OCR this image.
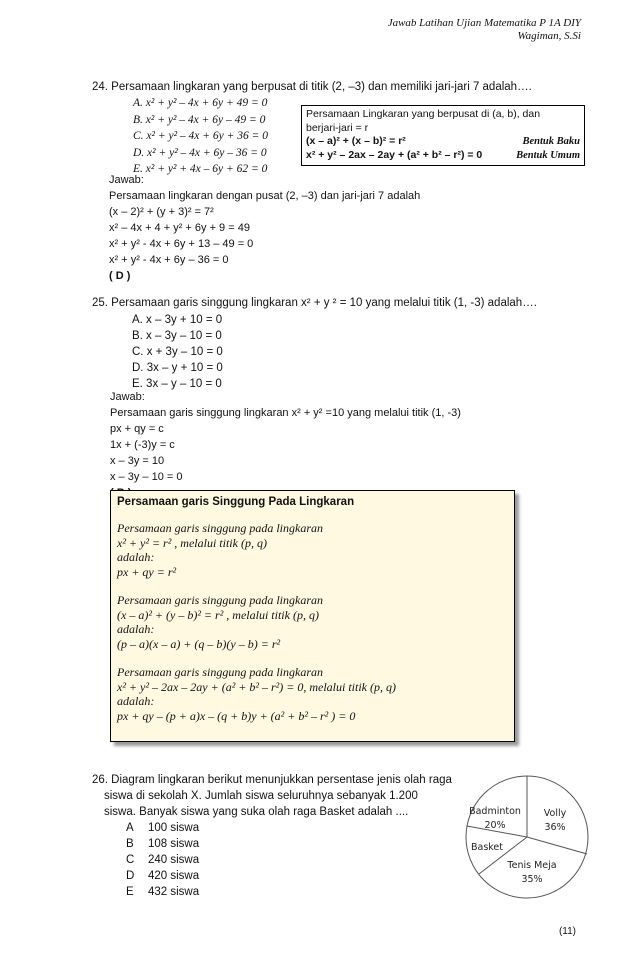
Jawab Latihan Ujian Matematika P 1A DIY
Wagiman, S.Si
24. Persamaan lingkaran yang berpusat di titik (2, –3) dan memiliki jari-jari 7 adalah….
A. x² + y² – 4x + 6y + 49 = 0
B. x² + y² – 4x + 6y – 49 = 0
C. x² + y² – 4x + 6y + 36 = 0
D. x² + y² – 4x + 6y – 36 = 0
E. x² + y² + 4x – 6y + 62 = 0
Persamaan Lingkaran yang berpusat di (a, b), dan
berjari-jari = r
(x – a)² + (x – b)² = r²	Bentuk Baku
x² + y² – 2ax – 2ay + (a² + b² – r²) = 0	Bentuk Umum
Jawab:
Persamaan lingkaran dengan pusat (2, –3) dan jari-jari 7 adalah
(x – 2)² + (y + 3)² = 7²
x² – 4x + 4 + y² + 6y + 9 = 49
x² + y² - 4x + 6y + 13 – 49 = 0
x² + y² - 4x + 6y – 36 = 0
( D )
25. Persamaan garis singgung lingkaran x² + y ² = 10 yang melalui titik (1, -3) adalah….
A. x – 3y + 10 = 0
B. x – 3y – 10 = 0
C. x + 3y – 10 = 0
D. 3x – y + 10 = 0
E. 3x – y – 10 = 0
Jawab:
Persamaan garis singgung lingkaran x² + y² =10 yang melalui titik (1, -3)
px + qy = c
1x + (-3)y = c
x – 3y = 10
x – 3y – 10 = 0
Persamaan garis Singgung Pada Lingkaran
Persamaan garis singgung pada lingkaran
x² + y² = r² , melalui titik (p, q)
adalah:
px + qy = r²
Persamaan garis singgung pada lingkaran
(x – a)² + (y – b)² = r² , melalui titik (p, q)
adalah:
(p – a)(x – a) + (q – b)(y – b) = r²
Persamaan garis singgung pada lingkaran
x² + y² – 2ax – 2ay + (a² + b² – r²) = 0, melalui titik (p, q)
adalah:
px + qy – (p + a)x – (q + b)y + (a² + b² – r² ) = 0
26. Diagram lingkaran berikut menunjukkan persentase jenis olah raga
siswa di sekolah X. Jumlah siswa seluruhnya sebanyak 1.200
siswa. Banyak siswa yang suka olah raga Basket adalah ....
A 100 siswa
B 108 siswa
C 240 siswa
D 420 siswa
E 432 siswa
Badminton
20%
Volly
36%
Tenis Meja
35%
Basket
(11)
